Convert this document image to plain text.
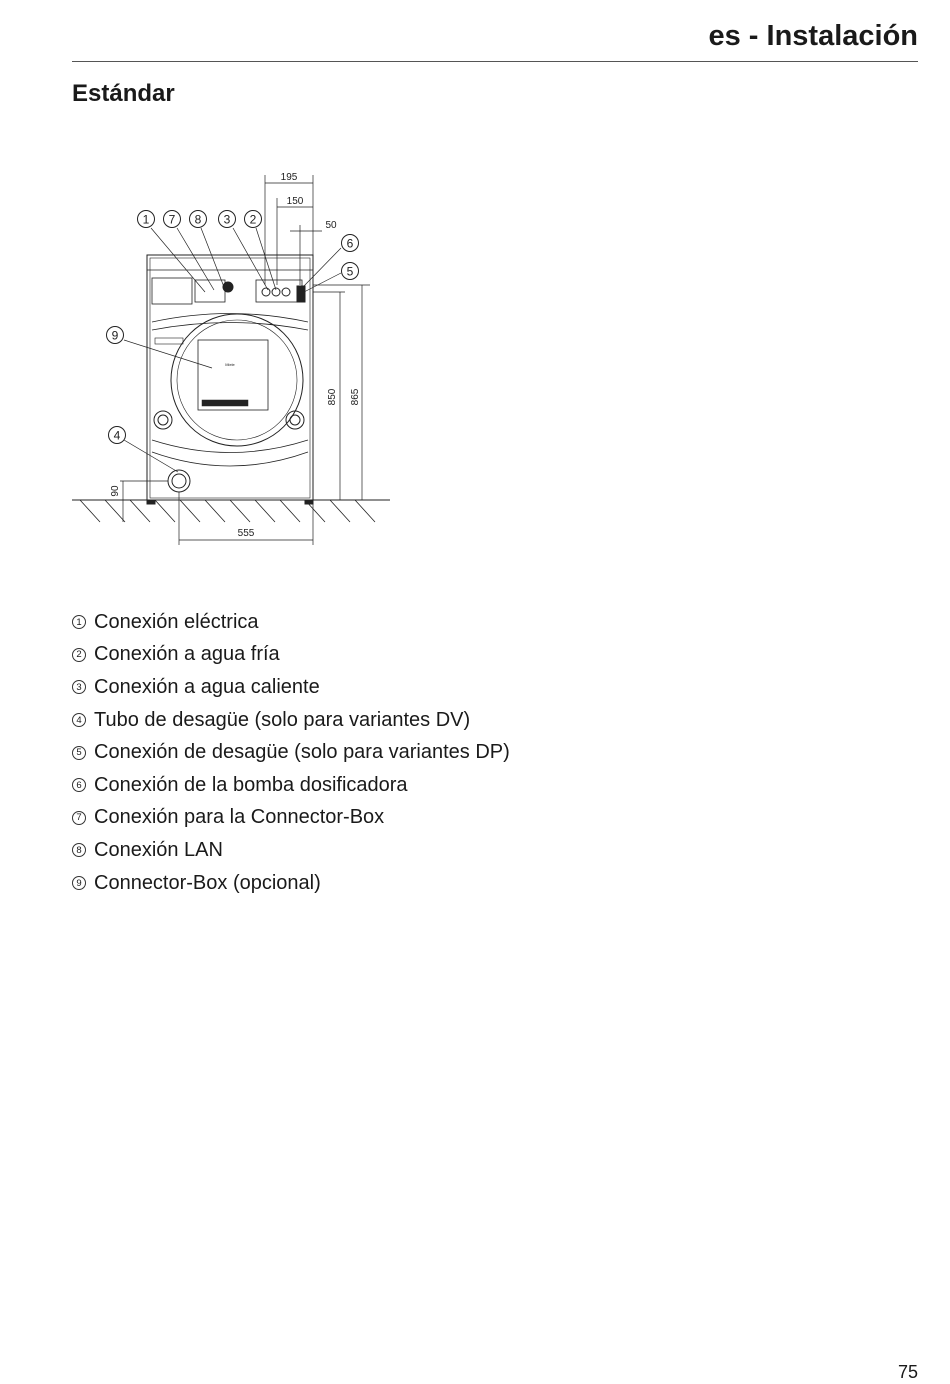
es - Instalación
Estándar
1 7 8 3 2
6
5
9
4
195
150
50
555
850 865
90
Miele
1 Conexión eléctrica
2 Conexión a agua fría
3 Conexión a agua caliente
4 Tubo de desagüe (solo para variantes DV)
5 Conexión de desagüe (solo para variantes DP)
6 Conexión de la bomba dosificadora
7 Conexión para la Connector-Box
8 Conexión LAN
9 Connector-Box (opcional)
75
